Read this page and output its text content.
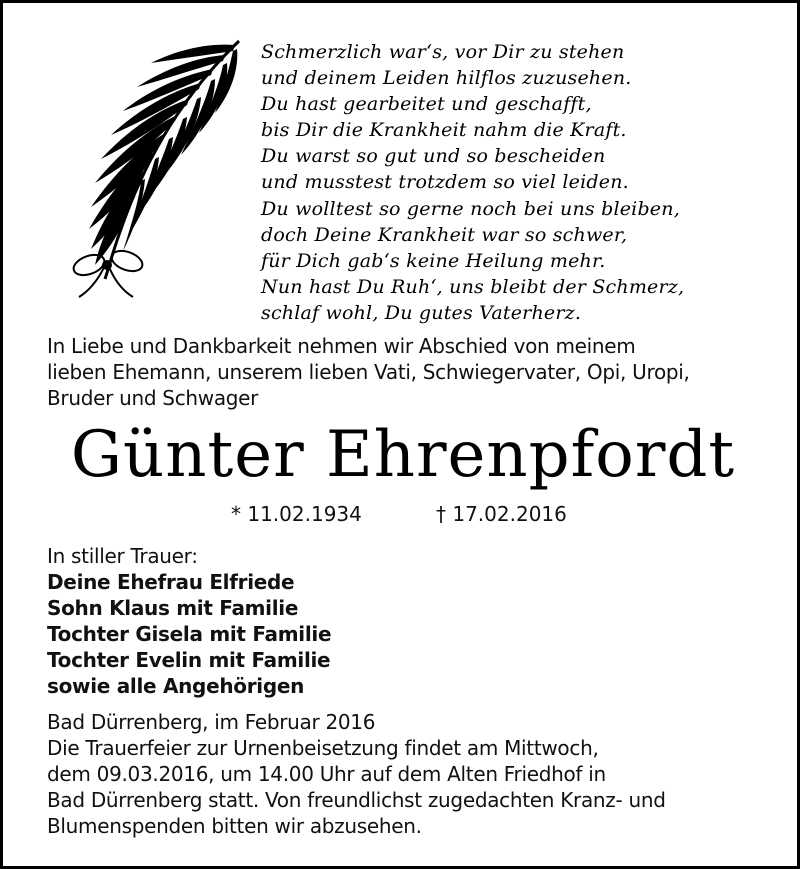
Schmerzlich war‘s, vor Dir zu stehen
und deinem Leiden hilflos zuzusehen.
Du hast gearbeitet und geschafft,
bis Dir die Krankheit nahm die Kraft.
Du warst so gut und so bescheiden
und musstest trotzdem so viel leiden.
Du wolltest so gerne noch bei uns bleiben,
doch Deine Krankheit war so schwer,
für Dich gab‘s keine Heilung mehr.
Nun hast Du Ruh‘, uns bleibt der Schmerz,
schlaf wohl, Du gutes Vaterherz.
In Liebe und Dankbarkeit nehmen wir Abschied von meinem
lieben Ehemann, unserem lieben Vati, Schwiegervater, Opi, Uropi,
Bruder und Schwager
Günter Ehrenpfordt
* 11.02.1934	† 17.02.2016
In stiller Trauer:
Deine Ehefrau Elfriede
Sohn Klaus mit Familie
Tochter Gisela mit Familie
Tochter Evelin mit Familie
sowie alle Angehörigen
Bad Dürrenberg, im Februar 2016
Die Trauerfeier zur Urnenbeisetzung findet am Mittwoch,
dem 09.03.2016, um 14.00 Uhr auf dem Alten Friedhof in
Bad Dürrenberg statt. Von freundlichst zugedachten Kranz- und
Blumenspenden bitten wir abzusehen.
